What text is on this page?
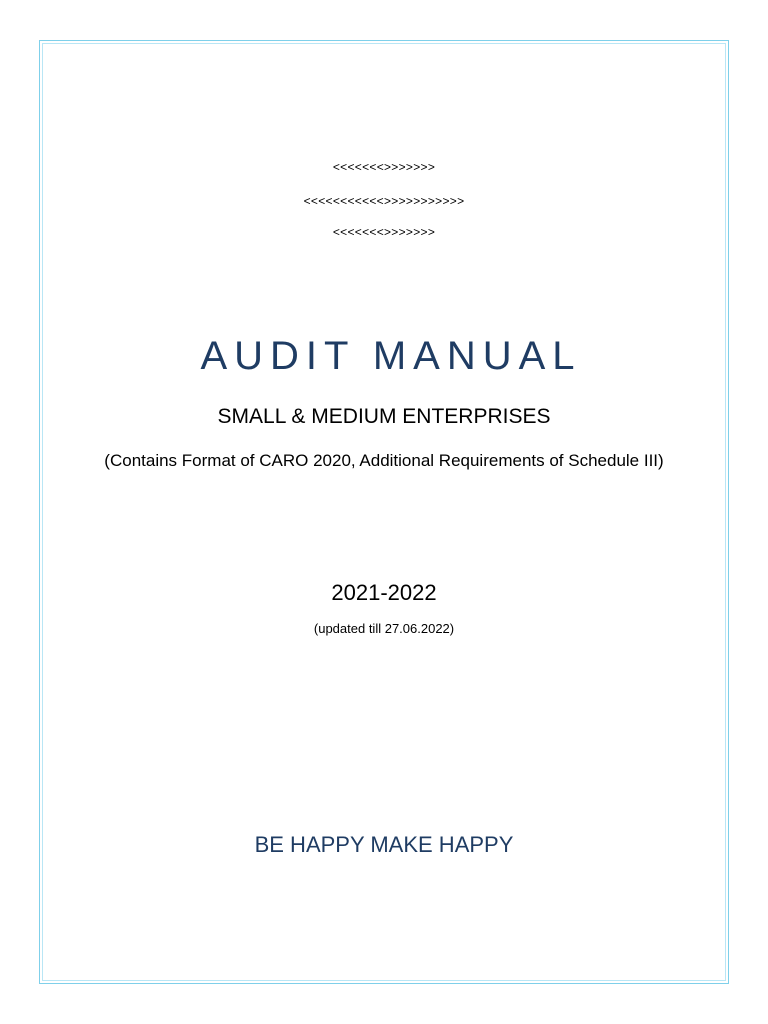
<<<<<<<>>>>>>>
<<<<<<<<<<<>>>>>>>>>>>
<<<<<<<>>>>>>>
AUDIT MANUAL
SMALL & MEDIUM ENTERPRISES
(Contains Format of CARO 2020, Additional Requirements of Schedule III)
2021-2022
(updated till 27.06.2022)
BE HAPPY MAKE HAPPY
